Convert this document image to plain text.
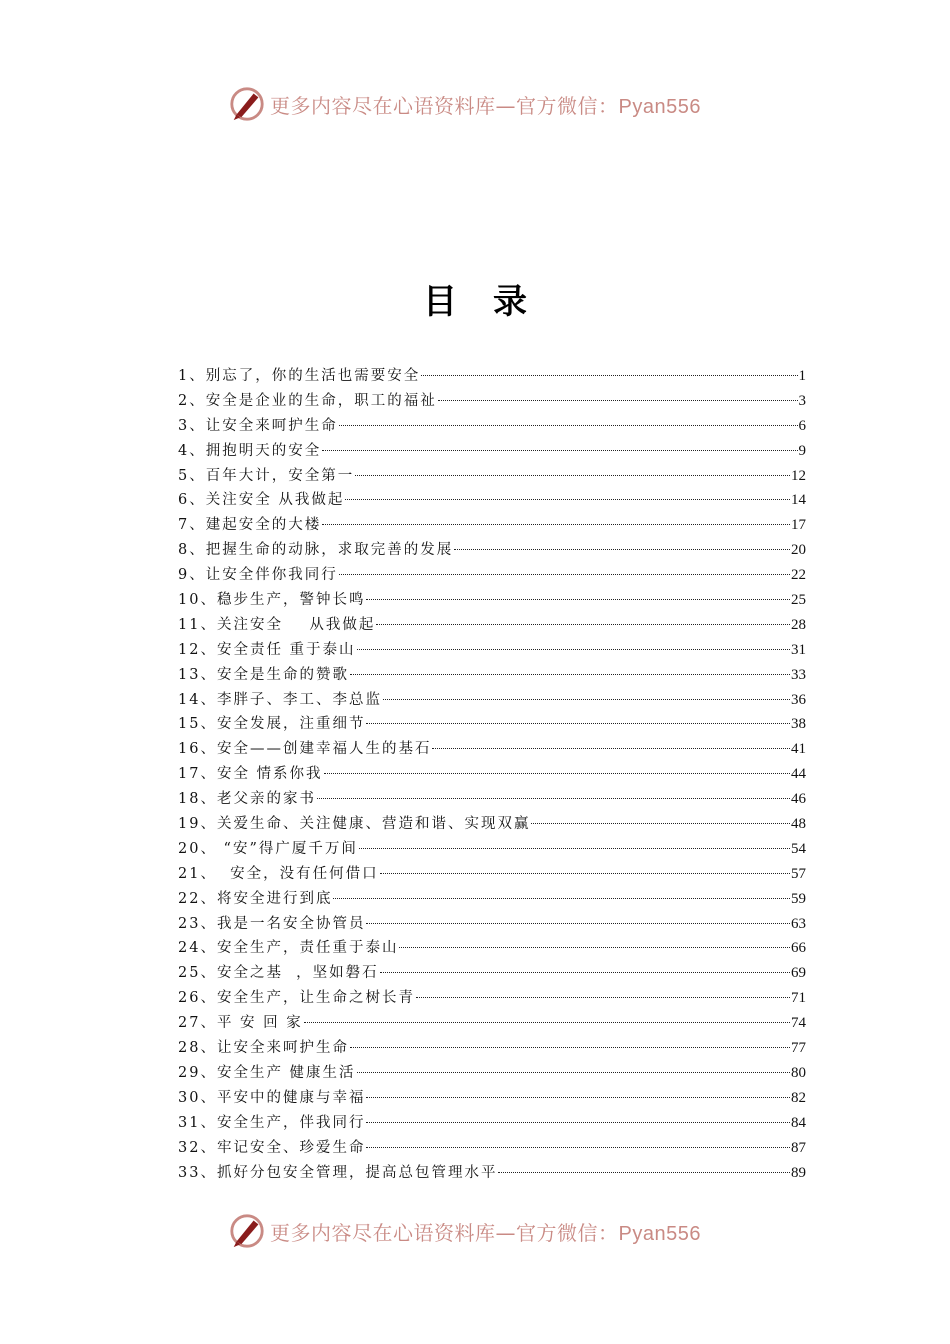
更多内容尽在心语资料库—官方微信：Pyan556
目录
1、别忘了，你的生活也需要安全	1
2、安全是企业的生命，职工的福祉	3
3、让安全来呵护生命	6
4、拥抱明天的安全	9
5、百年大计，安全第一	12
6、关注安全 从我做起	14
7、建起安全的大楼	17
8、把握生命的动脉，求取完善的发展	20
9、让安全伴你我同行	22
10、稳步生产，警钟长鸣	25
11、关注安全    从我做起	28
12、安全责任 重于泰山	31
13、安全是生命的赞歌	33
14、李胖子、李工、李总监	36
15、安全发展，注重细节	38
16、安全——创建幸福人生的基石	41
17、安全 情系你我	44
18、老父亲的家书	46
19、关爱生命、关注健康、营造和谐、实现双赢	48
20、 “安”得广厦千万间	54
21、  安全，没有任何借口	57
22、将安全进行到底	59
23、我是一名安全协管员	63
24、安全生产，责任重于泰山	66
25、安全之基  ，坚如磐石	69
26、安全生产，让生命之树长青	71
27、平 安 回 家	74
28、让安全来呵护生命	77
29、安全生产 健康生活	80
30、平安中的健康与幸福	82
31、安全生产，伴我同行	84
32、牢记安全、珍爱生命	87
33、抓好分包安全管理，提高总包管理水平	89
更多内容尽在心语资料库—官方微信：Pyan556
